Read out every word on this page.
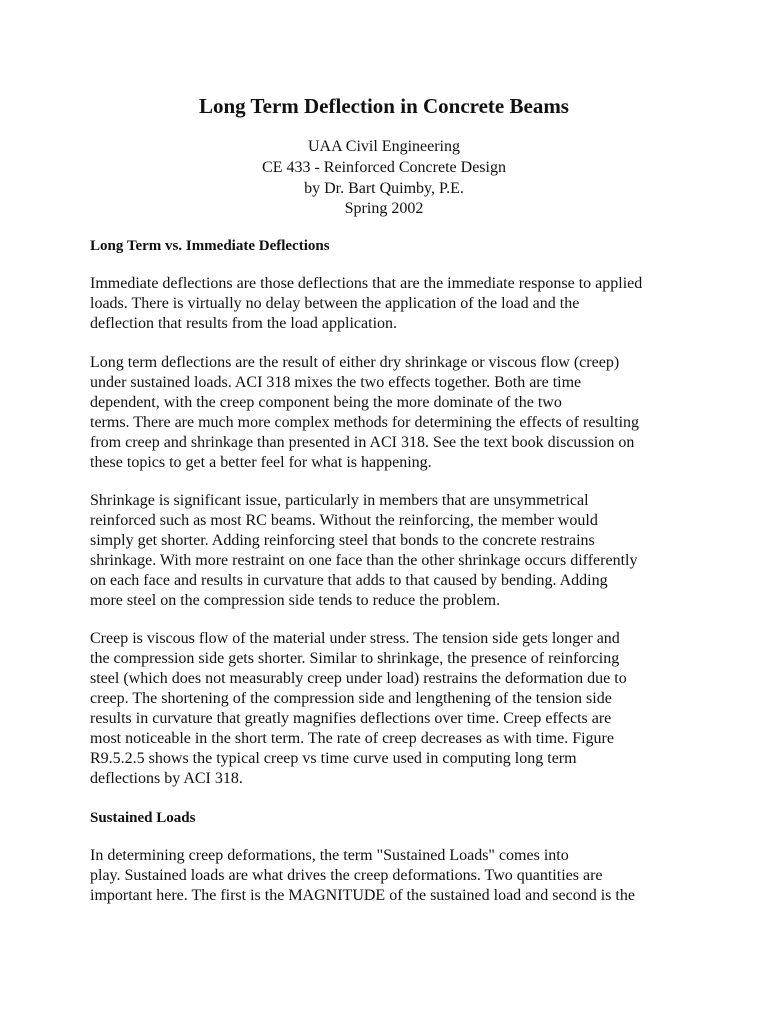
Long Term Deflection in Concrete Beams
UAA Civil Engineering
CE 433 - Reinforced Concrete Design
by Dr. Bart Quimby, P.E.
Spring 2002
Long Term vs. Immediate Deflections
Immediate deflections are those deflections that are the immediate response to applied
loads. There is virtually no delay between the application of the load and the
deflection that results from the load application.
Long term deflections are the result of either dry shrinkage or viscous flow (creep)
under sustained loads. ACI 318 mixes the two effects together. Both are time
dependent, with the creep component being the more dominate of the two
terms. There are much more complex methods for determining the effects of resulting
from creep and shrinkage than presented in ACI 318. See the text book discussion on
these topics to get a better feel for what is happening.
Shrinkage is significant issue, particularly in members that are unsymmetrical
reinforced such as most RC beams. Without the reinforcing, the member would
simply get shorter. Adding reinforcing steel that bonds to the concrete restrains
shrinkage. With more restraint on one face than the other shrinkage occurs differently
on each face and results in curvature that adds to that caused by bending. Adding
more steel on the compression side tends to reduce the problem.
Creep is viscous flow of the material under stress. The tension side gets longer and
the compression side gets shorter. Similar to shrinkage, the presence of reinforcing
steel (which does not measurably creep under load) restrains the deformation due to
creep. The shortening of the compression side and lengthening of the tension side
results in curvature that greatly magnifies deflections over time. Creep effects are
most noticeable in the short term. The rate of creep decreases as with time. Figure
R9.5.2.5 shows the typical creep vs time curve used in computing long term
deflections by ACI 318.
Sustained Loads
In determining creep deformations, the term "Sustained Loads" comes into
play. Sustained loads are what drives the creep deformations. Two quantities are
important here. The first is the MAGNITUDE of the sustained load and second is the
